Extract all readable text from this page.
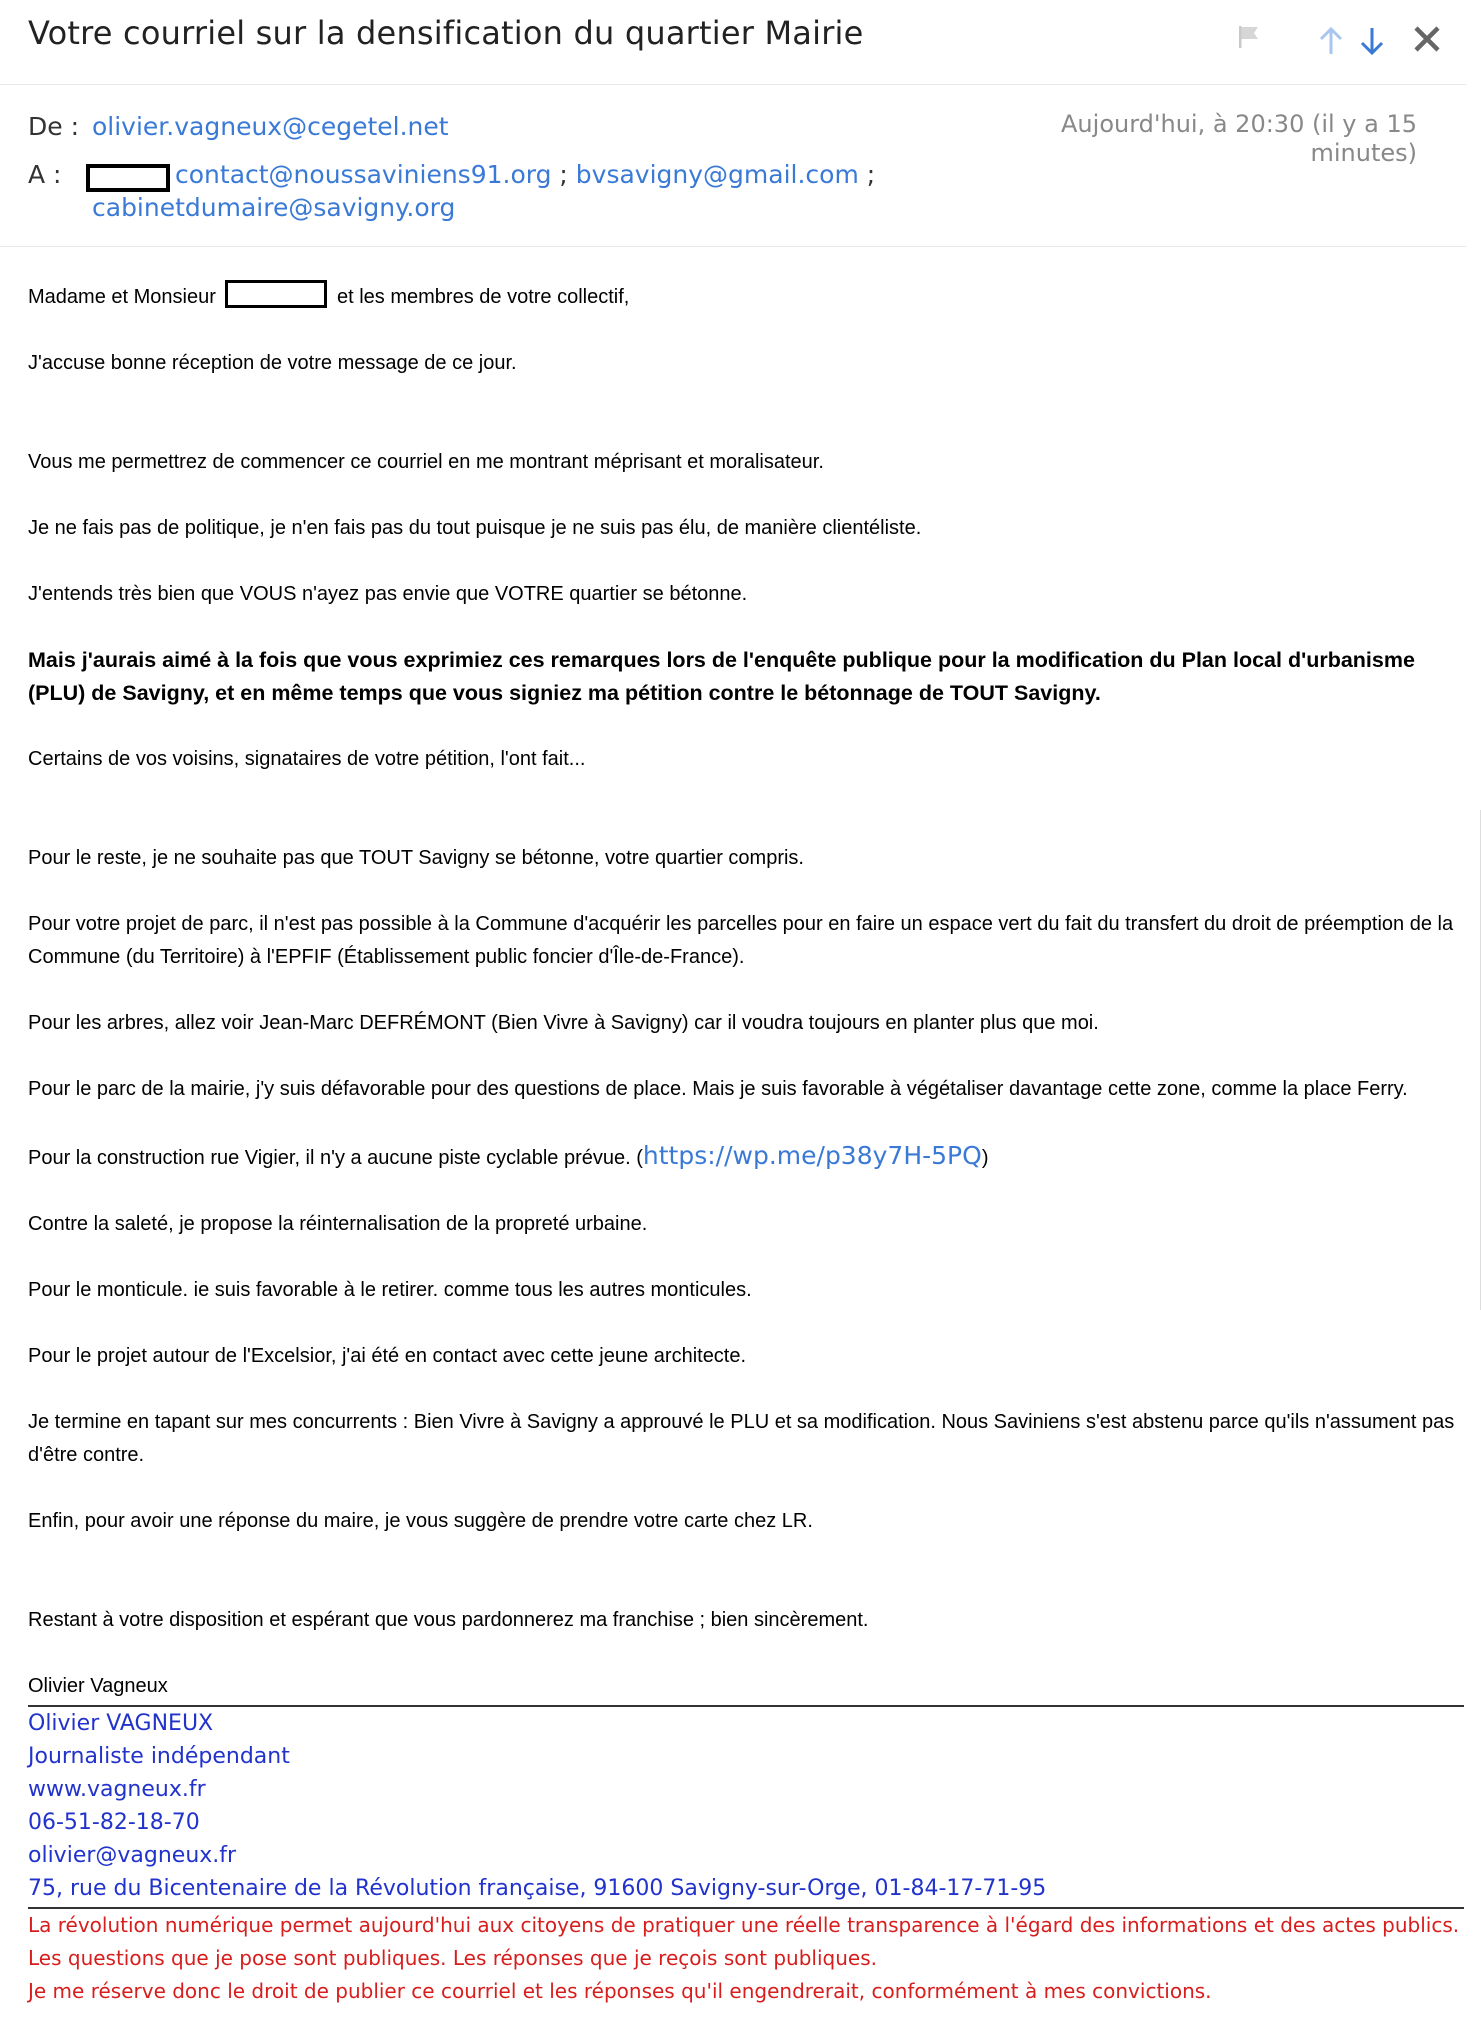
Votre courriel sur la densification du quartier Mairie
De : olivier.vagneux@cegetel.net
A :	contact@noussaviniens91.org ; bvsavigny@gmail.com ;
cabinetdumaire@savigny.org
Aujourd'hui, à 20:30 (il y a 15
minutes)

Madame et Monsieur	et les membres de votre collectif,

J'accuse bonne réception de votre message de ce jour.

Vous me permettrez de commencer ce courriel en me montrant méprisant et moralisateur.

Je ne fais pas de politique, je n'en fais pas du tout puisque je ne suis pas élu, de manière clientéliste.

J'entends très bien que VOUS n'ayez pas envie que VOTRE quartier se bétonne.

Mais j'aurais aimé à la fois que vous exprimiez ces remarques lors de l'enquête publique pour la modification du Plan local d'urbanisme (PLU) de Savigny, et en même temps que vous signiez ma pétition contre le bétonnage de TOUT Savigny.

Certains de vos voisins, signataires de votre pétition, l'ont fait...

Pour le reste, je ne souhaite pas que TOUT Savigny se bétonne, votre quartier compris.

Pour votre projet de parc, il n'est pas possible à la Commune d'acquérir les parcelles pour en faire un espace vert du fait du transfert du droit de préemption de la Commune (du Territoire) à l'EPFIF (Établissement public foncier d'Île-de-France).

Pour les arbres, allez voir Jean-Marc DEFRÉMONT (Bien Vivre à Savigny) car il voudra toujours en planter plus que moi.

Pour le parc de la mairie, j'y suis défavorable pour des questions de place. Mais je suis favorable à végétaliser davantage cette zone, comme la place Ferry.

Pour la construction rue Vigier, il n'y a aucune piste cyclable prévue. (https://wp.me/p38y7H-5PQ)

Contre la saleté, je propose la réinternalisation de la propreté urbaine.

Pour le monticule. ie suis favorable à le retirer. comme tous les autres monticules.

Pour le projet autour de l'Excelsior, j'ai été en contact avec cette jeune architecte.

Je termine en tapant sur mes concurrents : Bien Vivre à Savigny a approuvé le PLU et sa modification. Nous Saviniens s'est abstenu parce qu'ils n'assument pas d'être contre.

Enfin, pour avoir une réponse du maire, je vous suggère de prendre votre carte chez LR.

Restant à votre disposition et espérant que vous pardonnerez ma franchise ; bien sincèrement.

Olivier Vagneux

Olivier VAGNEUX
Journaliste indépendant
www.vagneux.fr
06-51-82-18-70
olivier@vagneux.fr
75, rue du Bicentenaire de la Révolution française, 91600 Savigny-sur-Orge, 01-84-17-71-95
La révolution numérique permet aujourd'hui aux citoyens de pratiquer une réelle transparence à l'égard des informations et des actes publics.
Les questions que je pose sont publiques. Les réponses que je reçois sont publiques.
Je me réserve donc le droit de publier ce courriel et les réponses qu'il engendrerait, conformément à mes convictions.
